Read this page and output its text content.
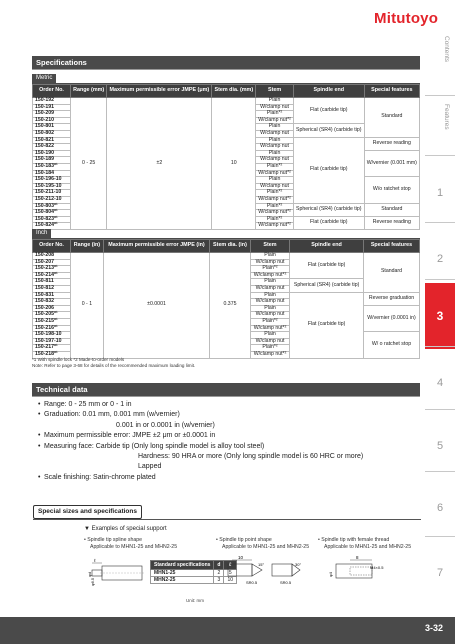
Mitutoyo
Contents
Features
1
2
3
4
5
6
7
Specifications
Metric
Order No.	Range (mm)	Maximum permissible error JMPE (μm)	Stem dia. (mm)	Stem	Spindle end	Special features
150-192	0 - 25	±2	10	Plain	Flat (carbide tip)	Standard
150-191				W/clamp nut		
150-209				Plain*²		
150-210				W/clamp nut*²		
150-801				Plain	Spherical (SR4) (carbide tip)	
150-802				W/clamp nut		
150-821				Plain	Flat (carbide tip)	Reverse reading
150-822				W/clamp nut		
150-190				Plain		W/vernier (0.001 mm)
150-189				W/clamp nut		
150-183*¹				Plain*²		
150-184				W/clamp nut*²		
150-196-10				Plain		W/o ratchet stop
150-195-10				W/clamp nut		
150-211-10				Plain*²		
150-212-10				W/clamp nut*²		
150-803*¹				Plain*²	Spherical (SR4) (carbide tip)	Standard
150-804*¹				W/clamp nut*²		
150-823*¹				Plain*²	Flat (carbide tip)	Reverse reading
150-824*¹				W/clamp nut*²		
Inch
Order No.	Range (in)	Maximum permissible error JMPE (in)	Stem dia. (in)	Stem	Spindle end	Special features
150-208	0 - 1	±0.0001	0.375	Plain	Flat (carbide tip)	Standard
150-207				W/clamp nut		
150-213*¹				Plain*²		
150-214*¹				W/clamp nut*²		
150-811				Plain	Spherical (SR4) (carbide tip)	
150-812				W/clamp nut		
150-831				Plain	Flat (carbide tip)	Reverse graduation
150-832				W/clamp nut		
150-206				Plain		W/vernier (0.0001 in)
150-205*¹				W/clamp nut		
150-215*¹				Plain*²		
150-216*¹				W/clamp nut*²		
150-198-10				Plain		W/ o ratchet stop
150-197-10				W/clamp nut		
150-217*¹				Plain*²		
150-218*¹				W/clamp nut*²		
*1 With spindle lock *2 Made-to-order models
Note: Refer to page 3-68 for details of the recommended maximum loading limit.
Technical data
• Range: 0 - 25 mm or 0 - 1 in
• Graduation: 0.01 mm, 0.001 mm (w/vernier)
0.001 in or 0.0001 in (w/vernier)
• Maximum permissible error: JMPE ±2 μm or ±0.0001 in
• Measuring face: Carbide tip (Only long spindle model is alloy tool steel)
Hardness: 90 HRA or more (Only long spindle model is 60 HRC or more)
Lapped
• Scale finishing: Satin-chrome plated
Special sizes and specifications
▼ Examples of special support
• Spindle tip spline shape
Applicable to MHN1-25 and MHN2-25
• Spindle tip point shape
Applicable to MHN1-25 and MHN2-25
• Spindle tip with female thread
Applicable to MHN1-25 and MHN2-25
ℓ
φd
φ6.5
Standard specifications	d	ℓ
MHN1-25	2	5
MHN2-25	3	10
Unit: mm
10
15°	30°
SR0.5	SR0.5
8
M4×0.5
φ4
3-32
